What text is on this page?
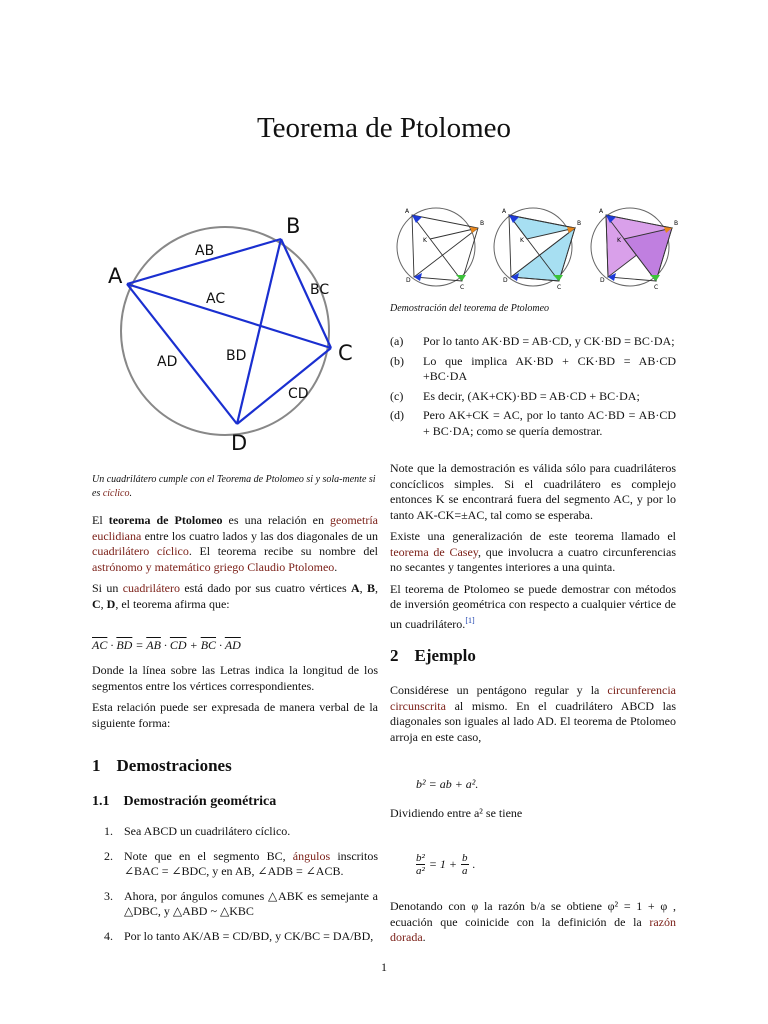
Teorema de Ptolomeo
A
B
C
D
AB
BC
CD
AC
BD
AD
Un cuadrilátero cumple con el Teorema de Ptolomeo si y sola-mente si es cíclico.

El teorema de Ptolomeo es una relación en geometría euclidiana entre los cuatro lados y las dos diagonales de un cuadrilátero cíclico. El teorema recibe su nombre del astrónomo y matemático griego Claudio Ptolomeo.

Si un cuadrilátero está dado por sus cuatro vértices A, B, C, D, el teorema afirma que:

$\overline{AC} \cdot \overline{BD} = \overline{AB} \cdot \overline{CD} + \overline{BC} \cdot \overline{AD}$

Donde la línea sobre las Letras indica la longitud de los segmentos entre los vértices correspondientes.

Esta relación puede ser expresada de manera verbal de la siguiente forma:

1 Demostraciones
1.1 Demostración geométrica
1. Sea ABCD un cuadrilátero cíclico.
2. Note que en el segmento BC, ángulos inscritos ∠BAC = ∠BDC, y en AB, ∠ADB = ∠ACB.
3. Ahora, por ángulos comunes △ABK es semejante a △DBC, y △ABD ~ △KBC
4. Por lo tanto AK/AB = CD/BD, y CK/BC = DA/BD,
A
B
K
D
C
A
B
K
D
C
A
B
K
D
C
Demostración del teorema de Ptolomeo
(a) Por lo tanto AK·BD = AB·CD, y CK·BD = BC·DA;
(b) Lo que implica AK·BD + CK·BD = AB·CD +BC·DA
(c) Es decir, (AK+CK)·BD = AB·CD + BC·DA;
(d) Pero AK+CK = AC, por lo tanto AC·BD = AB·CD + BC·DA; como se quería demostrar.

Note que la demostración es válida sólo para cuadriláteros concíclicos simples. Si el cuadrilátero es complejo entonces K se encontrará fuera del segmento AC, y por lo tanto AK-CK=±AC, tal como se esperaba.

Existe una generalización de este teorema llamado el teorema de Casey, que involucra a cuatro circunferencias no secantes y tangentes interiores a una quinta.

El teorema de Ptolomeo se puede demostrar con métodos de inversión geométrica con respecto a cualquier vértice de un cuadrilátero.[1]

2 Ejemplo

Considérese un pentágono regular y la circunferencia circunscrita al mismo. En el cuadrilátero ABCD las diagonales son iguales al lado AD. El teorema de Ptolomeo arroja en este caso,

b² = ab + a².
Dividiendo entre a² se tiene
$\frac{\text{b²}}{\text{a²}} = 1 + \frac{b}{a}$ .

Denotando con φ la razón b/a se obtiene φ² = 1 + φ , ecuación que coinicide con la definición de la razón dorada.

1
